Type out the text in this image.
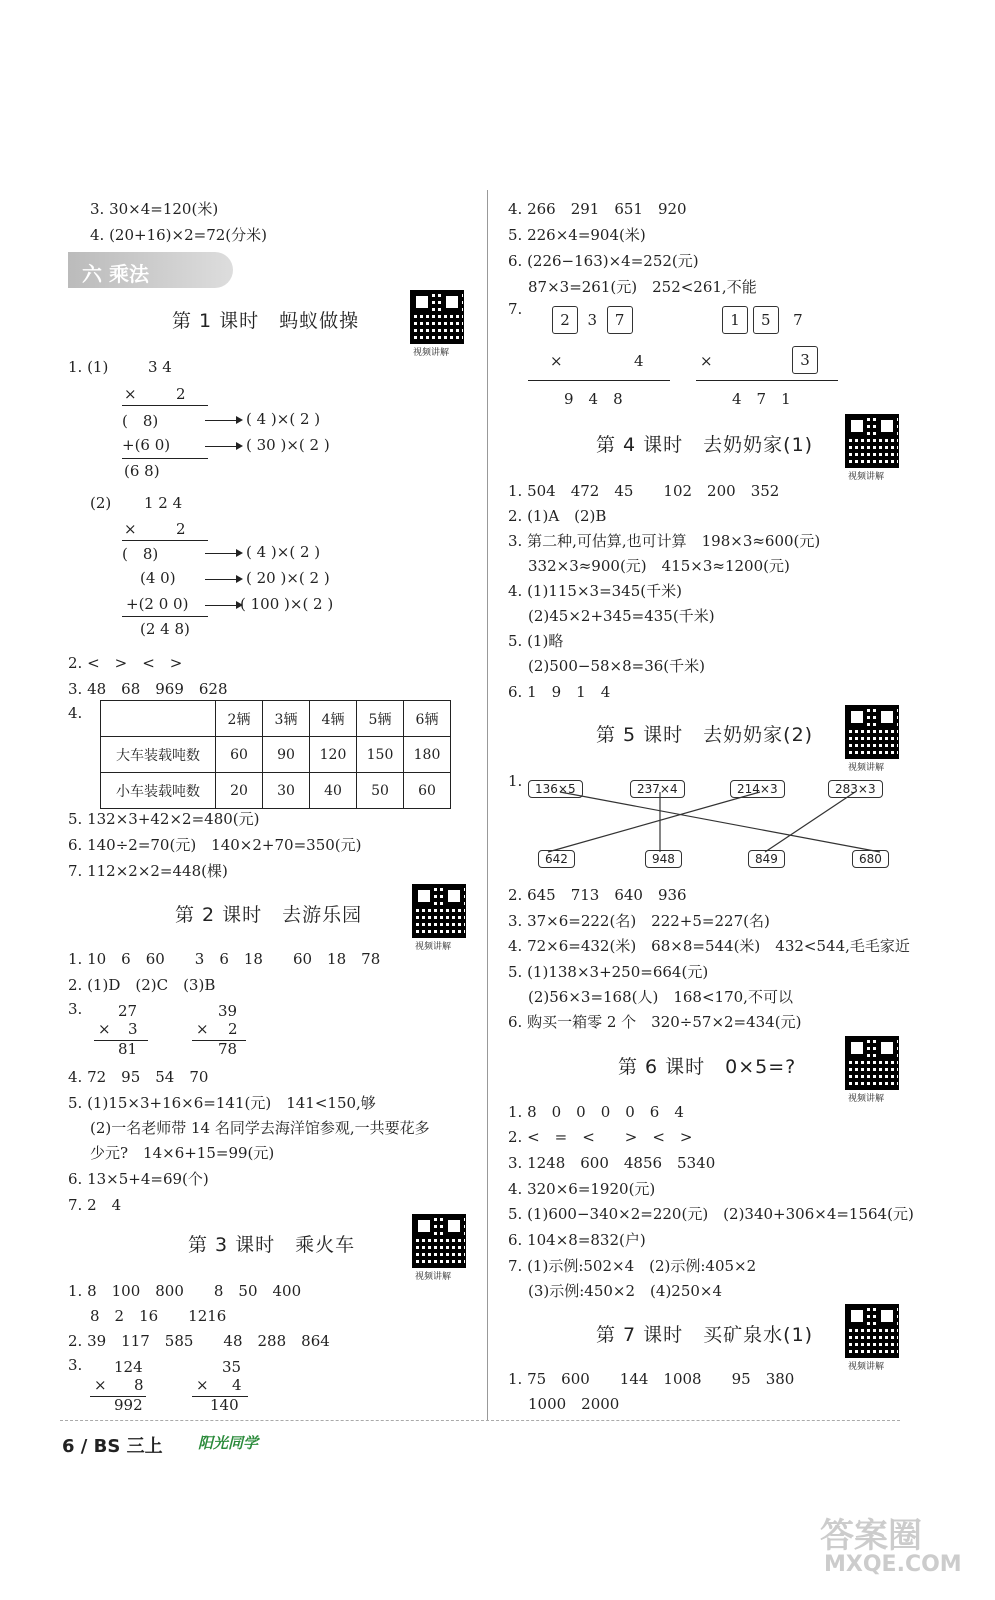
3. 30×4=120(米)
4. (20+16)×2=72(分米)
六 乘法
第 1 课时　蚂蚁做操
视频讲解
1. (1)	3 4
×	2
(　8)	( 4 )×( 2 )
+(6 0)	( 30 )×( 2 )
(6 8)
(2) 1 2 4
×	2
(　8)	( 4 )×( 2 )
(4 0)	( 20 )×( 2 )
+(2 0 0)	( 100 )×( 2 )
(2 4 8)
2. <　>　<　>
3. 48　68　969　628
4.
		2辆	3辆	4辆	5辆	6辆
大车装载吨数	60	90	120	150	180
小车装载吨数	20	30	40	50	60
5. 132×3+42×2=480(元)
6. 140÷2=70(元)　140×2+70=350(元)
7. 112×2×2=448(棵)
第 2 课时　去游乐园
视频讲解
1. 10　6　60　　3　6　18　　60　18　78
2. (1)D　(2)C　(3)B
3. 27
× 3
81
39
× 2
78
4. 72　95　54　70
5. (1)15×3+16×6=141(元)　141<150,够
(2)一名老师带 14 名同学去海洋馆参观,一共要花多
少元?　14×6+15=99(元)
6. 13×5+4=69(个)
7. 2　4
第 3 课时　乘火车
视频讲解
1. 8　100　800　　8　50　400
8　2　16　　1216
2. 39　117　585　　48　288　864
3. 124
× 8
992
35
× 4
140
4. 266　291　651　920
5. 226×4=904(米)
6. (226−163)×4=252(元)
87×3=261(元)　252<261,不能
7.
2 3 7
×	4
9　4　8
1 5 7
×	3
4　7　1
第 4 课时　去奶奶家(1)
视频讲解
1. 504　472　45　　102　200　352
2. (1)A　(2)B
3. 第二种,可估算,也可计算　198×3≈600(元)
332×3≈900(元)　415×3≈1200(元)
4. (1)115×3=345(千米)
(2)45×2+345=435(千米)
5. (1)略
(2)500−58×8=36(千米)
6. 1　9　1　4
第 5 课时　去奶奶家(2)
视频讲解
1.	136×5	237×4	214×3	283×3
642	948	849	680
2. 645　713　640　936
3. 37×6=222(名)　222+5=227(名)
4. 72×6=432(米)　68×8=544(米)　432<544,毛毛家近
5. (1)138×3+250=664(元)
(2)56×3=168(人)　168<170,不可以
6. 购买一箱零 2 个　320÷57×2=434(元)
第 6 课时　0×5=?
视频讲解
1. 8　0　0　0　0　6　4
2. <　=　<　　>　<　>
3. 1248　600　4856　5340
4. 320×6=1920(元)
5. (1)600−340×2=220(元)　(2)340+306×4=1564(元)
6. 104×8=832(户)
7. (1)示例:502×4　(2)示例:405×2
(3)示例:450×2　(4)250×4
第 7 课时　买矿泉水(1)
视频讲解
1. 75　600　　144　1008　　95　380
1000　2000
6 / BS 三上 阳光同学
答案圈
MXQE.COM
